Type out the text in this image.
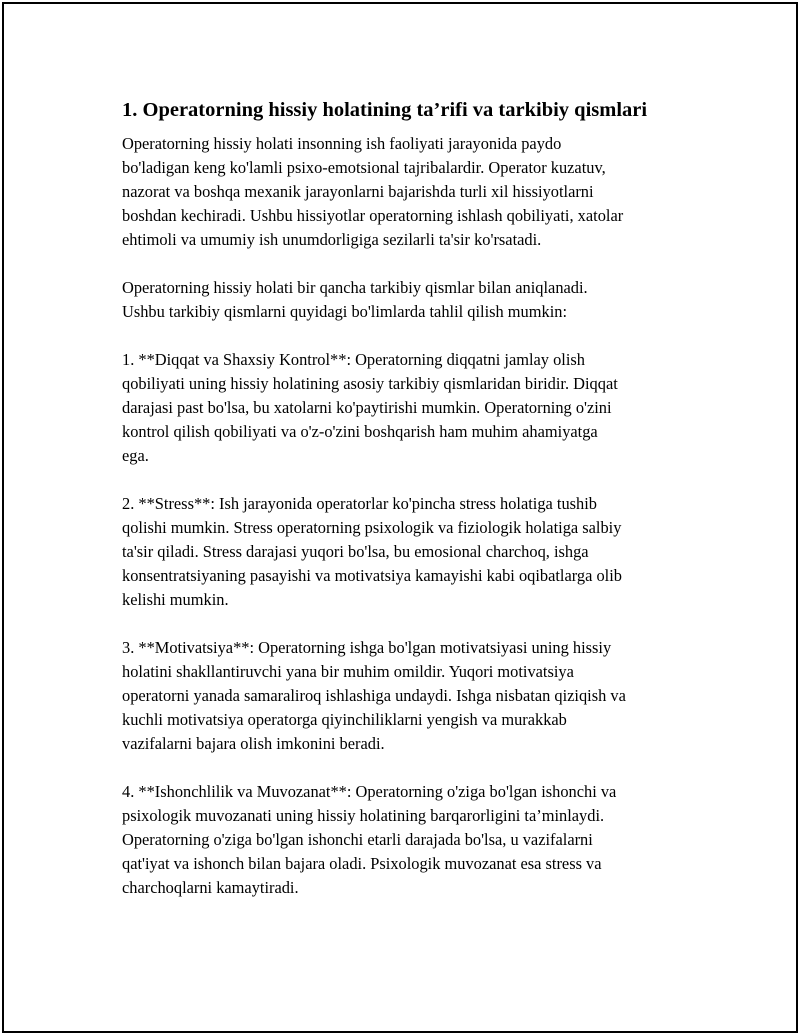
1. Operatorning hissiy holatining ta’rifi va tarkibiy qismlari

Operatorning hissiy holati insonning ish faoliyati jarayonida paydo
bo'ladigan keng ko'lamli psixo-emotsional tajribalardir. Operator kuzatuv,
nazorat va boshqa mexanik jarayonlarni bajarishda turli xil hissiyotlarni
boshdan kechiradi. Ushbu hissiyotlar operatorning ishlash qobiliyati, xatolar
ehtimoli va umumiy ish unumdorligiga sezilarli ta'sir ko'rsatadi.

Operatorning hissiy holati bir qancha tarkibiy qismlar bilan aniqlanadi.
Ushbu tarkibiy qismlarni quyidagi bo'limlarda tahlil qilish mumkin:

1. **Diqqat va Shaxsiy Kontrol**: Operatorning diqqatni jamlay olish
qobiliyati uning hissiy holatining asosiy tarkibiy qismlaridan biridir. Diqqat
darajasi past bo'lsa, bu xatolarni ko'paytirishi mumkin. Operatorning o'zini
kontrol qilish qobiliyati va o'z-o'zini boshqarish ham muhim ahamiyatga
ega.

2. **Stress**: Ish jarayonida operatorlar ko'pincha stress holatiga tushib
qolishi mumkin. Stress operatorning psixologik va fiziologik holatiga salbiy
ta'sir qiladi. Stress darajasi yuqori bo'lsa, bu emosional charchoq, ishga
konsentratsiyaning pasayishi va motivatsiya kamayishi kabi oqibatlarga olib
kelishi mumkin.

3. **Motivatsiya**: Operatorning ishga bo'lgan motivatsiyasi uning hissiy
holatini shakllantiruvchi yana bir muhim omildir. Yuqori motivatsiya
operatorni yanada samaraliroq ishlashiga undaydi. Ishga nisbatan qiziqish va
kuchli motivatsiya operatorga qiyinchiliklarni yengish va murakkab
vazifalarni bajara olish imkonini beradi.

4. **Ishonchlilik va Muvozanat**: Operatorning o'ziga bo'lgan ishonchi va
psixologik muvozanati uning hissiy holatining barqarorligini ta’minlaydi.
Operatorning o'ziga bo'lgan ishonchi etarli darajada bo'lsa, u vazifalarni
qat'iyat va ishonch bilan bajara oladi. Psixologik muvozanat esa stress va
charchoqlarni kamaytiradi.
